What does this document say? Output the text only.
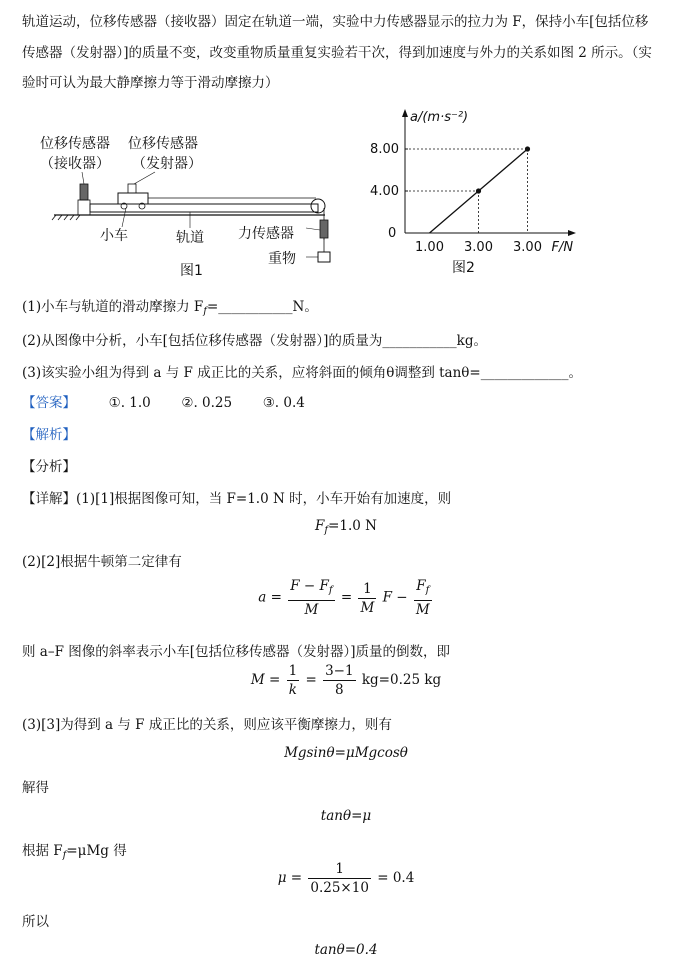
轨道运动，位移传感器（接收器）固定在轨道一端，实验中力传感器显示的拉力为 F，保持小车[包括位移
传感器（发射器）]的质量不变，改变重物质量重复实验若干次，得到加速度与外力的关系如图 2 所示。（实
验时可认为最大静摩擦力等于滑动摩擦力）
位移传感器
（接收器）
位移传感器
（发射器）
小车	轨道 力传感器
重物
图1
a/(m·s⁻²)
0
8.00
4.00
1.00 3.00 3.00 F/N
图2
(1)小车与轨道的滑动摩擦力 $F_f=\_\_\_\_\_\_\_\_\_\_\_N$。
(2)从图像中分析，小车[包括位移传感器（发射器）]的质量为___________kg。
(3)该实验小组为得到 a 与 F 成正比的关系，应将斜面的倾角θ调整到 tanθ=_____________。
【答案】 ①. 1.0 ②. 0.25 ③. 0.4
【解析】
【分析】
【详解】(1)[1]根据图像可知，当 F=1.0 N 时，小车开始有加速度，则
$F_f=1.0$ N
(2)[2]根据牛顿第二定律有
$a = \frac{F - F_f}{M} = \frac{1}{M}$ $F - \frac{F_f}{M}$
则 a–F 图像的斜率表示小车[包括位移传感器（发射器）]质量的倒数，即
$M = \frac{1}{k} = \frac{3-1}{8} kg=0.25$ kg
(3)[3]为得到 a 与 F 成正比的关系，则应该平衡摩擦力，则有
Mgsinθ=μMgcosθ
解得
tanθ=μ
根据 $F_f=\mu Mg$ 得
$\mu = \frac{1}{0.25\times 10} = 0.4$
所以
tanθ=0.4
